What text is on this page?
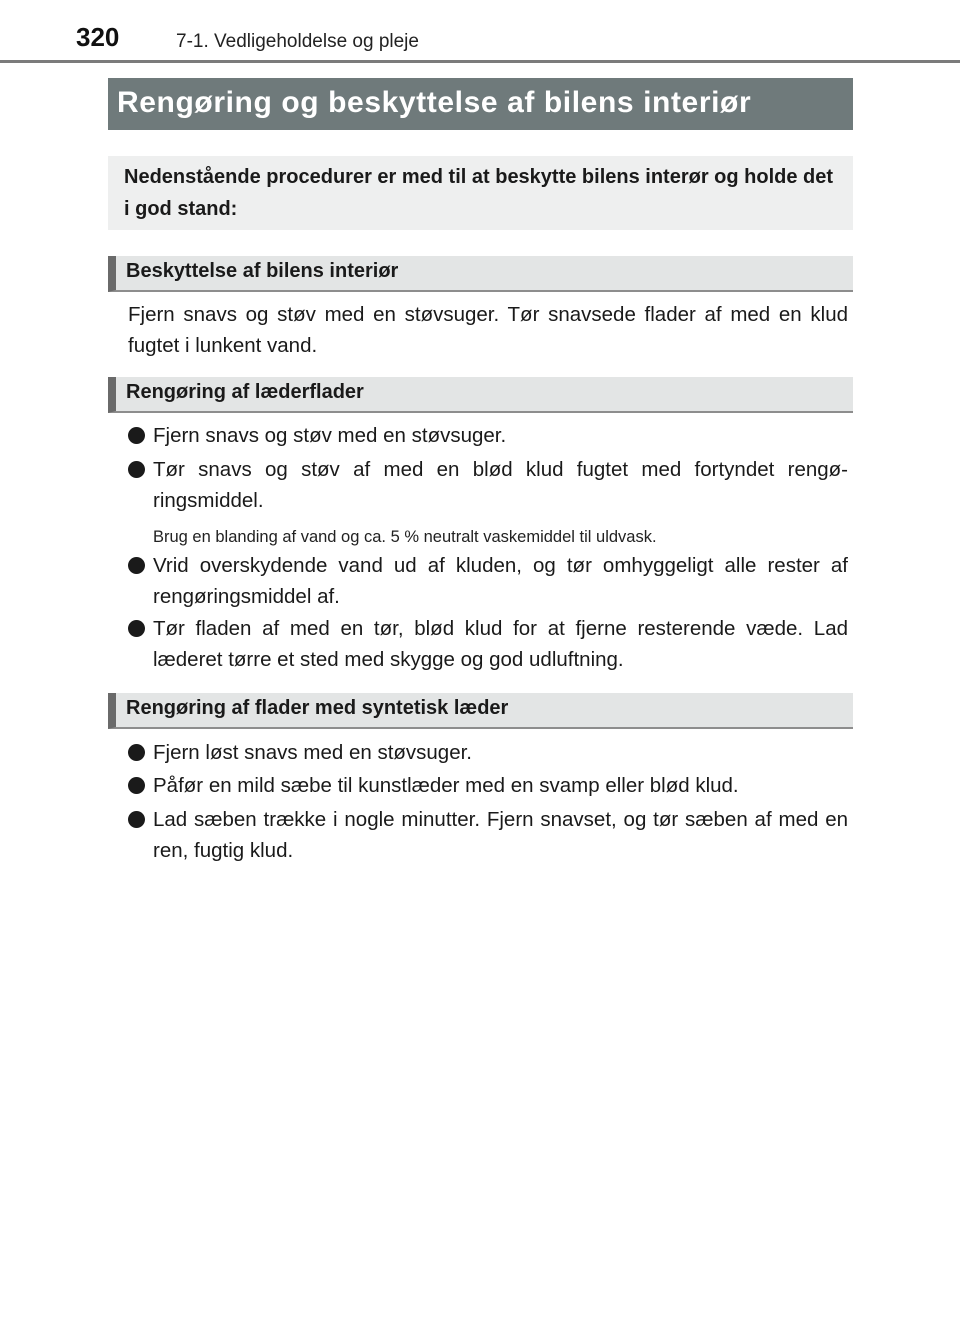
320	7-1. Vedligeholdelse og pleje
Rengøring og beskyttelse af bilens interiør
Nedenstående procedurer er med til at beskytte bilens interør og holde det i god stand:
Beskyttelse af bilens interiør
Fjern snavs og støv med en støvsuger. Tør snavsede flader af med en klud fugtet i lunkent vand.
Rengøring af læderflader
Fjern snavs og støv med en støvsuger.
Tør snavs og støv af med en blød klud fugtet med fortyndet rengø-ringsmiddel.
Brug en blanding af vand og ca. 5 % neutralt vaskemiddel til uldvask.
Vrid overskydende vand ud af kluden, og tør omhyggeligt alle rester af rengøringsmiddel af.
Tør fladen af med en tør, blød klud for at fjerne resterende væde. Lad læderet tørre et sted med skygge og god udluftning.
Rengøring af flader med syntetisk læder
Fjern løst snavs med en støvsuger.
Påfør en mild sæbe til kunstlæder med en svamp eller blød klud.
Lad sæben trække i nogle minutter. Fjern snavset, og tør sæben af med en ren, fugtig klud.
